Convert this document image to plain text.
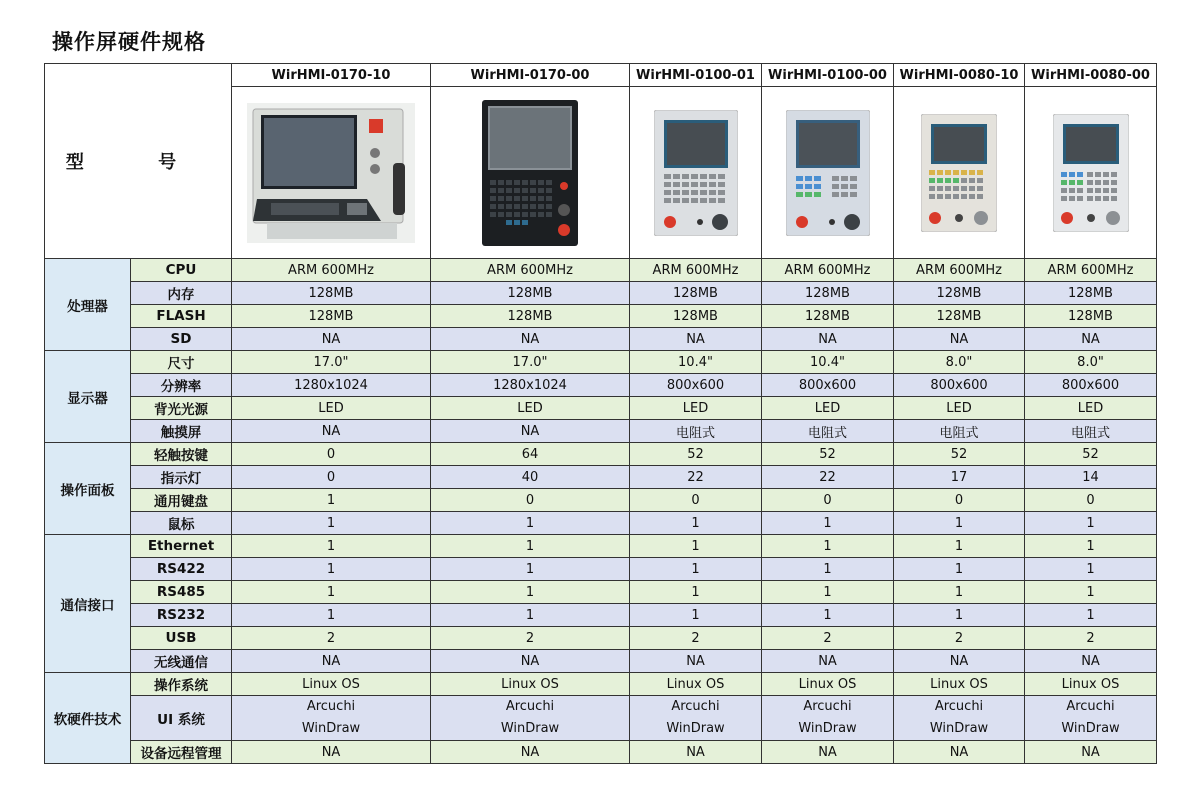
操作屏硬件规格
型 号		WirHMI-0170-10	WirHMI-0170-00	WirHMI-0100-01	WirHMI-0100-00	WirHMI-0080-10	WirHMI-0080-00

处理器	CPU	ARM 600MHz	ARM 600MHz	ARM 600MHz	ARM 600MHz	ARM 600MHz	ARM 600MHz
	内存	128MB	128MB	128MB	128MB	128MB	128MB
	FLASH	128MB	128MB	128MB	128MB	128MB	128MB
	SD	NA	NA	NA	NA	NA	NA
显示器	尺寸	17.0"	17.0"	10.4"	10.4"	8.0"	8.0"
	分辨率	1280x1024	1280x1024	800x600	800x600	800x600	800x600
	背光光源	LED	LED	LED	LED	LED	LED
	触摸屏	NA	NA	电阻式	电阻式	电阻式	电阻式
操作面板	轻触按键	0	64	52	52	52	52
	指示灯	0	40	22	22	17	14
	通用键盘	1	0	0	0	0	0
	鼠标	1	1	1	1	1	1
通信接口	Ethernet	1	1	1	1	1	1
	RS422	1	1	1	1	1	1
	RS485	1	1	1	1	1	1
	RS232	1	1	1	1	1	1
	USB	2	2	2	2	2	2
	无线通信	NA	NA	NA	NA	NA	NA
软硬件技术	操作系统	Linux OS	Linux OS	Linux OS	Linux OS	Linux OS	Linux OS
	UI 系统	Arcuchi
WinDraw	Arcuchi
WinDraw	Arcuchi
WinDraw	Arcuchi
WinDraw	Arcuchi
WinDraw	Arcuchi
WinDraw
	设备远程管理	NA	NA	NA	NA	NA	NA
